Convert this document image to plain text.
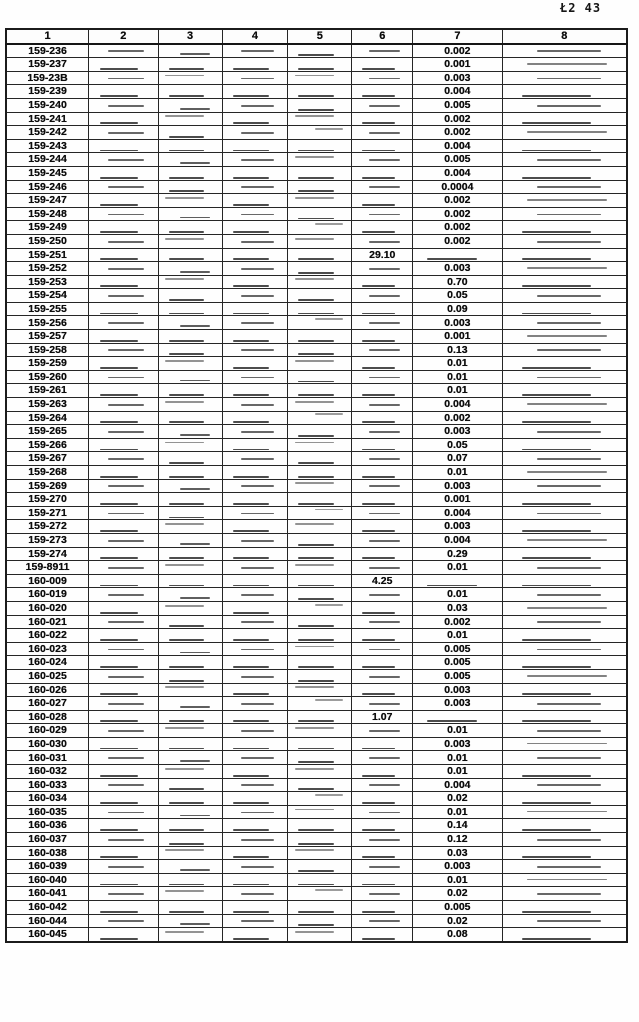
Ł2 43
1	2	3	4	5	6	7	8
159-236						0.002	
159-237						0.001	
159-23B						0.003	
159-239						0.004	
159-240						0.005	
159-241						0.002	
159-242						0.002	
159-243						0.004	
159-244						0.005	
159-245						0.004	
159-246						0.0004	
159-247						0.002	
159-248						0.002	
159-249						0.002	
159-250						0.002	
159-251					29.10		
159-252						0.003	
159-253						0.70	
159-254						0.05	
159-255						0.09	
159-256						0.003	
159-257						0.001	
159-258						0.13	
159-259						0.01	
159-260						0.01	
159-261						0.01	
159-263						0.004	
159-264						0.002	
159-265						0.003	
159-266						0.05	
159-267						0.07	
159-268						0.01	
159-269						0.003	
159-270						0.001	
159-271						0.004	
159-272						0.003	
159-273						0.004	
159-274						0.29	
159-8911						0.01	
160-009					4.25		
160-019						0.01	
160-020						0.03	
160-021						0.002	
160-022						0.01	
160-023						0.005	
160-024						0.005	
160-025						0.005	
160-026						0.003	
160-027						0.003	
160-028					1.07		
160-029						0.01	
160-030						0.003	
160-031						0.01	
160-032						0.01	
160-033						0.004	
160-034						0.02	
160-035						0.01	
160-036						0.14	
160-037						0.12	
160-038						0.03	
160-039						0.003	
160-040						0.01	
160-041						0.02	
160-042						0.005	
160-044						0.02	
160-045						0.08	
